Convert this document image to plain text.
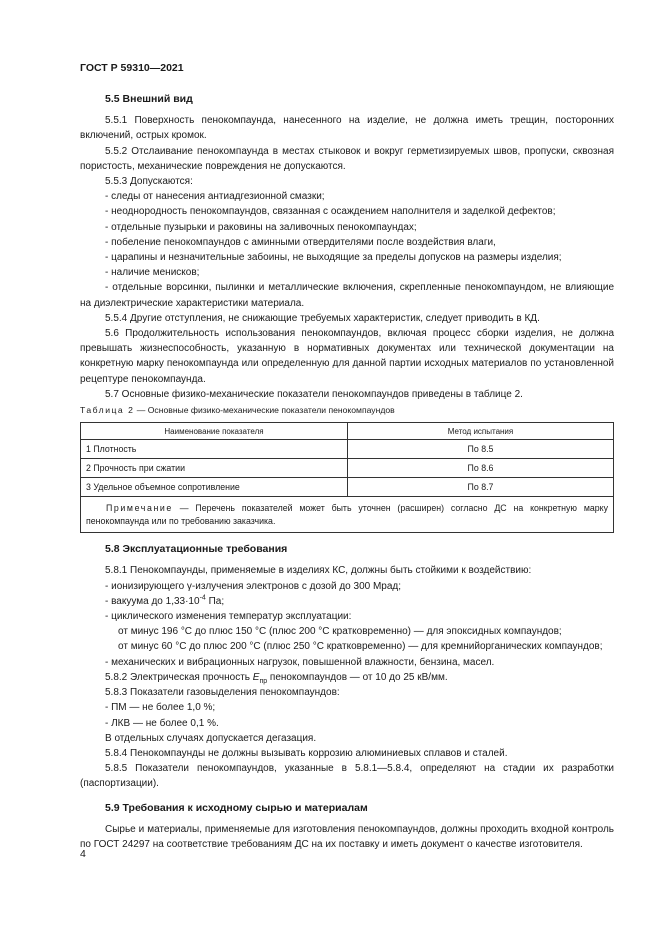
ГОСТ Р 59310—2021

5.5 Внешний вид

5.5.1 Поверхность пенокомпаунда, нанесенного на изделие, не должна иметь трещин, посторонних включений, острых кромок.

5.5.2 Отслаивание пенокомпаунда в местах стыковок и вокруг герметизируемых швов, пропуски, сквозная пористость, механические повреждения не допускаются.

5.5.3 Допускаются:

- следы от нанесения антиадгезионной смазки;

- неоднородность пенокомпаундов, связанная с осаждением наполнителя и заделкой дефектов;

- отдельные пузырьки и раковины на заливочных пенокомпаундах;

- побеление пенокомпаундов с аминными отвердителями после воздействия влаги,

- царапины и незначительные забоины, не выходящие за пределы допусков на размеры изделия;

- наличие менисков;

- отдельные ворсинки, пылинки и металлические включения, скрепленные пенокомпаундом, не влияющие на диэлектрические характеристики материала.

5.5.4 Другие отступления, не снижающие требуемых характеристик, следует приводить в КД.

5.6 Продолжительность использования пенокомпаундов, включая процесс сборки изделия, не должна превышать жизнеспособность, указанную в нормативных документах или технической документации на конкретную марку пенокомпаунда или определенную для данной партии исходных материалов по установленной рецептуре пенокомпаунда.

5.7 Основные физико-механические показатели пенокомпаундов приведены в таблице 2.

Таблица 2 — Основные физико-механические показатели пенокомпаундов

Наименование показателя	Метод испытания
1 Плотность	По 8.5
2 Прочность при сжатии	По 8.6
3 Удельное объемное сопротивление	По 8.7
Примечание — Перечень показателей может быть уточнен (расширен) согласно ДС на конкретную марку пенокомпаунда или по требованию заказчика.	

5.8 Эксплуатационные требования

5.8.1 Пенокомпаунды, применяемые в изделиях КС, должны быть стойкими к воздействию:

- ионизирующего γ-излучения электронов с дозой до 300 Мрад;

- вакуума до $1,33\cdot 10^{-4}$ Па;

- циклического изменения температур эксплуатации:

от минус 196 °С до плюс 150 °С (плюс 200 °С кратковременно) — для эпоксидных компаундов;

от минус 60 °С до плюс 200 °С (плюс 250 °С кратковременно) — для кремнийорганических компаундов;

- механических и вибрационных нагрузок, повышенной влажности, бензина, масел.

5.8.2 Электрическая прочность $E_{пр}$ пенокомпаундов — от 10 до 25 кВ/мм.

5.8.3 Показатели газовыделения пенокомпаундов:

- ПМ — не более 1,0 %;

- ЛКВ — не более 0,1 %.

В отдельных случаях допускается дегазация.

5.8.4 Пенокомпаунды не должны вызывать коррозию алюминиевых сплавов и сталей.

5.8.5 Показатели пенокомпаундов, указанные в 5.8.1—5.8.4, определяют на стадии их разработки (паспортизации).

5.9 Требования к исходному сырью и материалам

Сырье и материалы, применяемые для изготовления пенокомпаундов, должны проходить входной контроль по ГОСТ 24297 на соответствие требованиям ДС на их поставку и иметь документ о качестве изготовителя.

4
